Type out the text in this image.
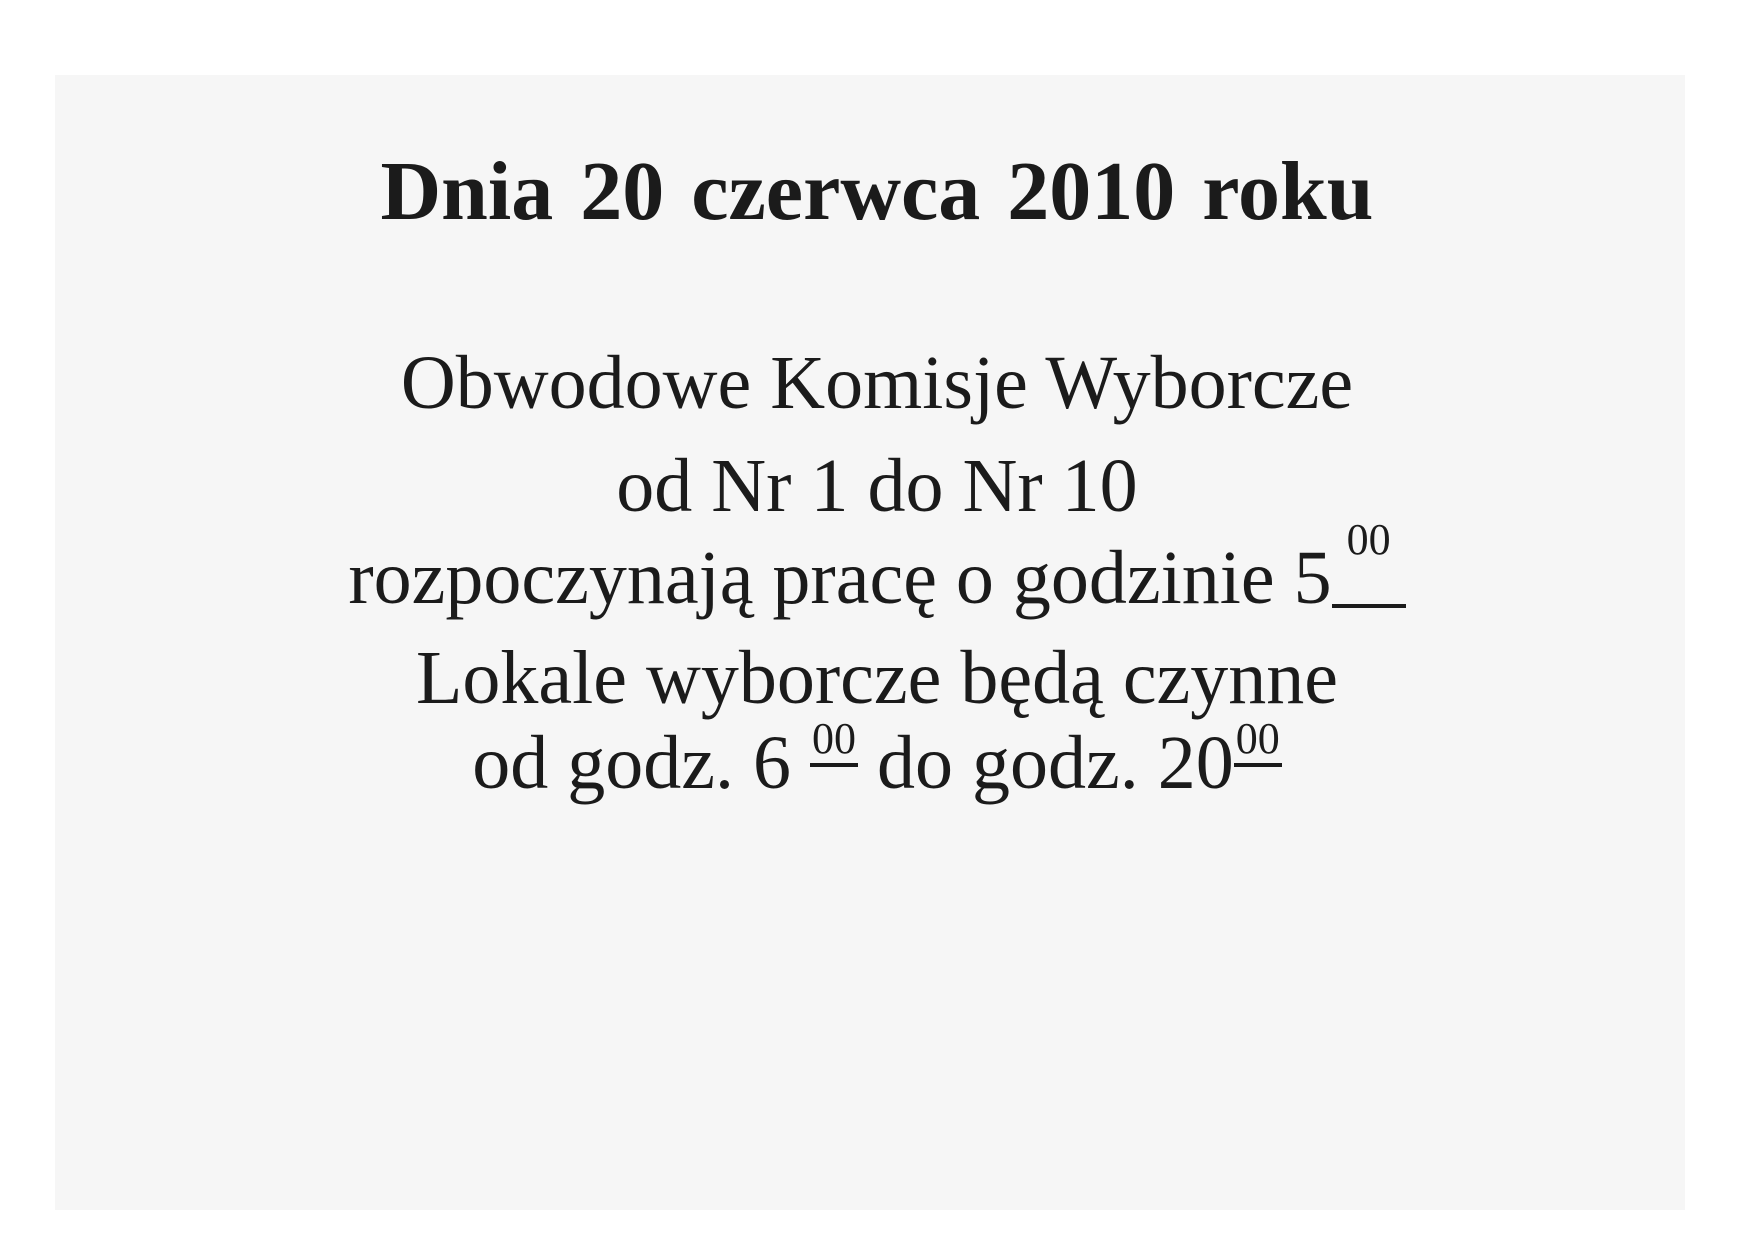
Dnia 20 czerwca 2010 roku
Obwodowe Komisje Wyborcze
od Nr 1 do Nr 10
rozpoczynają pracę o godzinie 5 00
Lokale wyborcze będą czynne
od godz. 6 00 do godz. 2000
